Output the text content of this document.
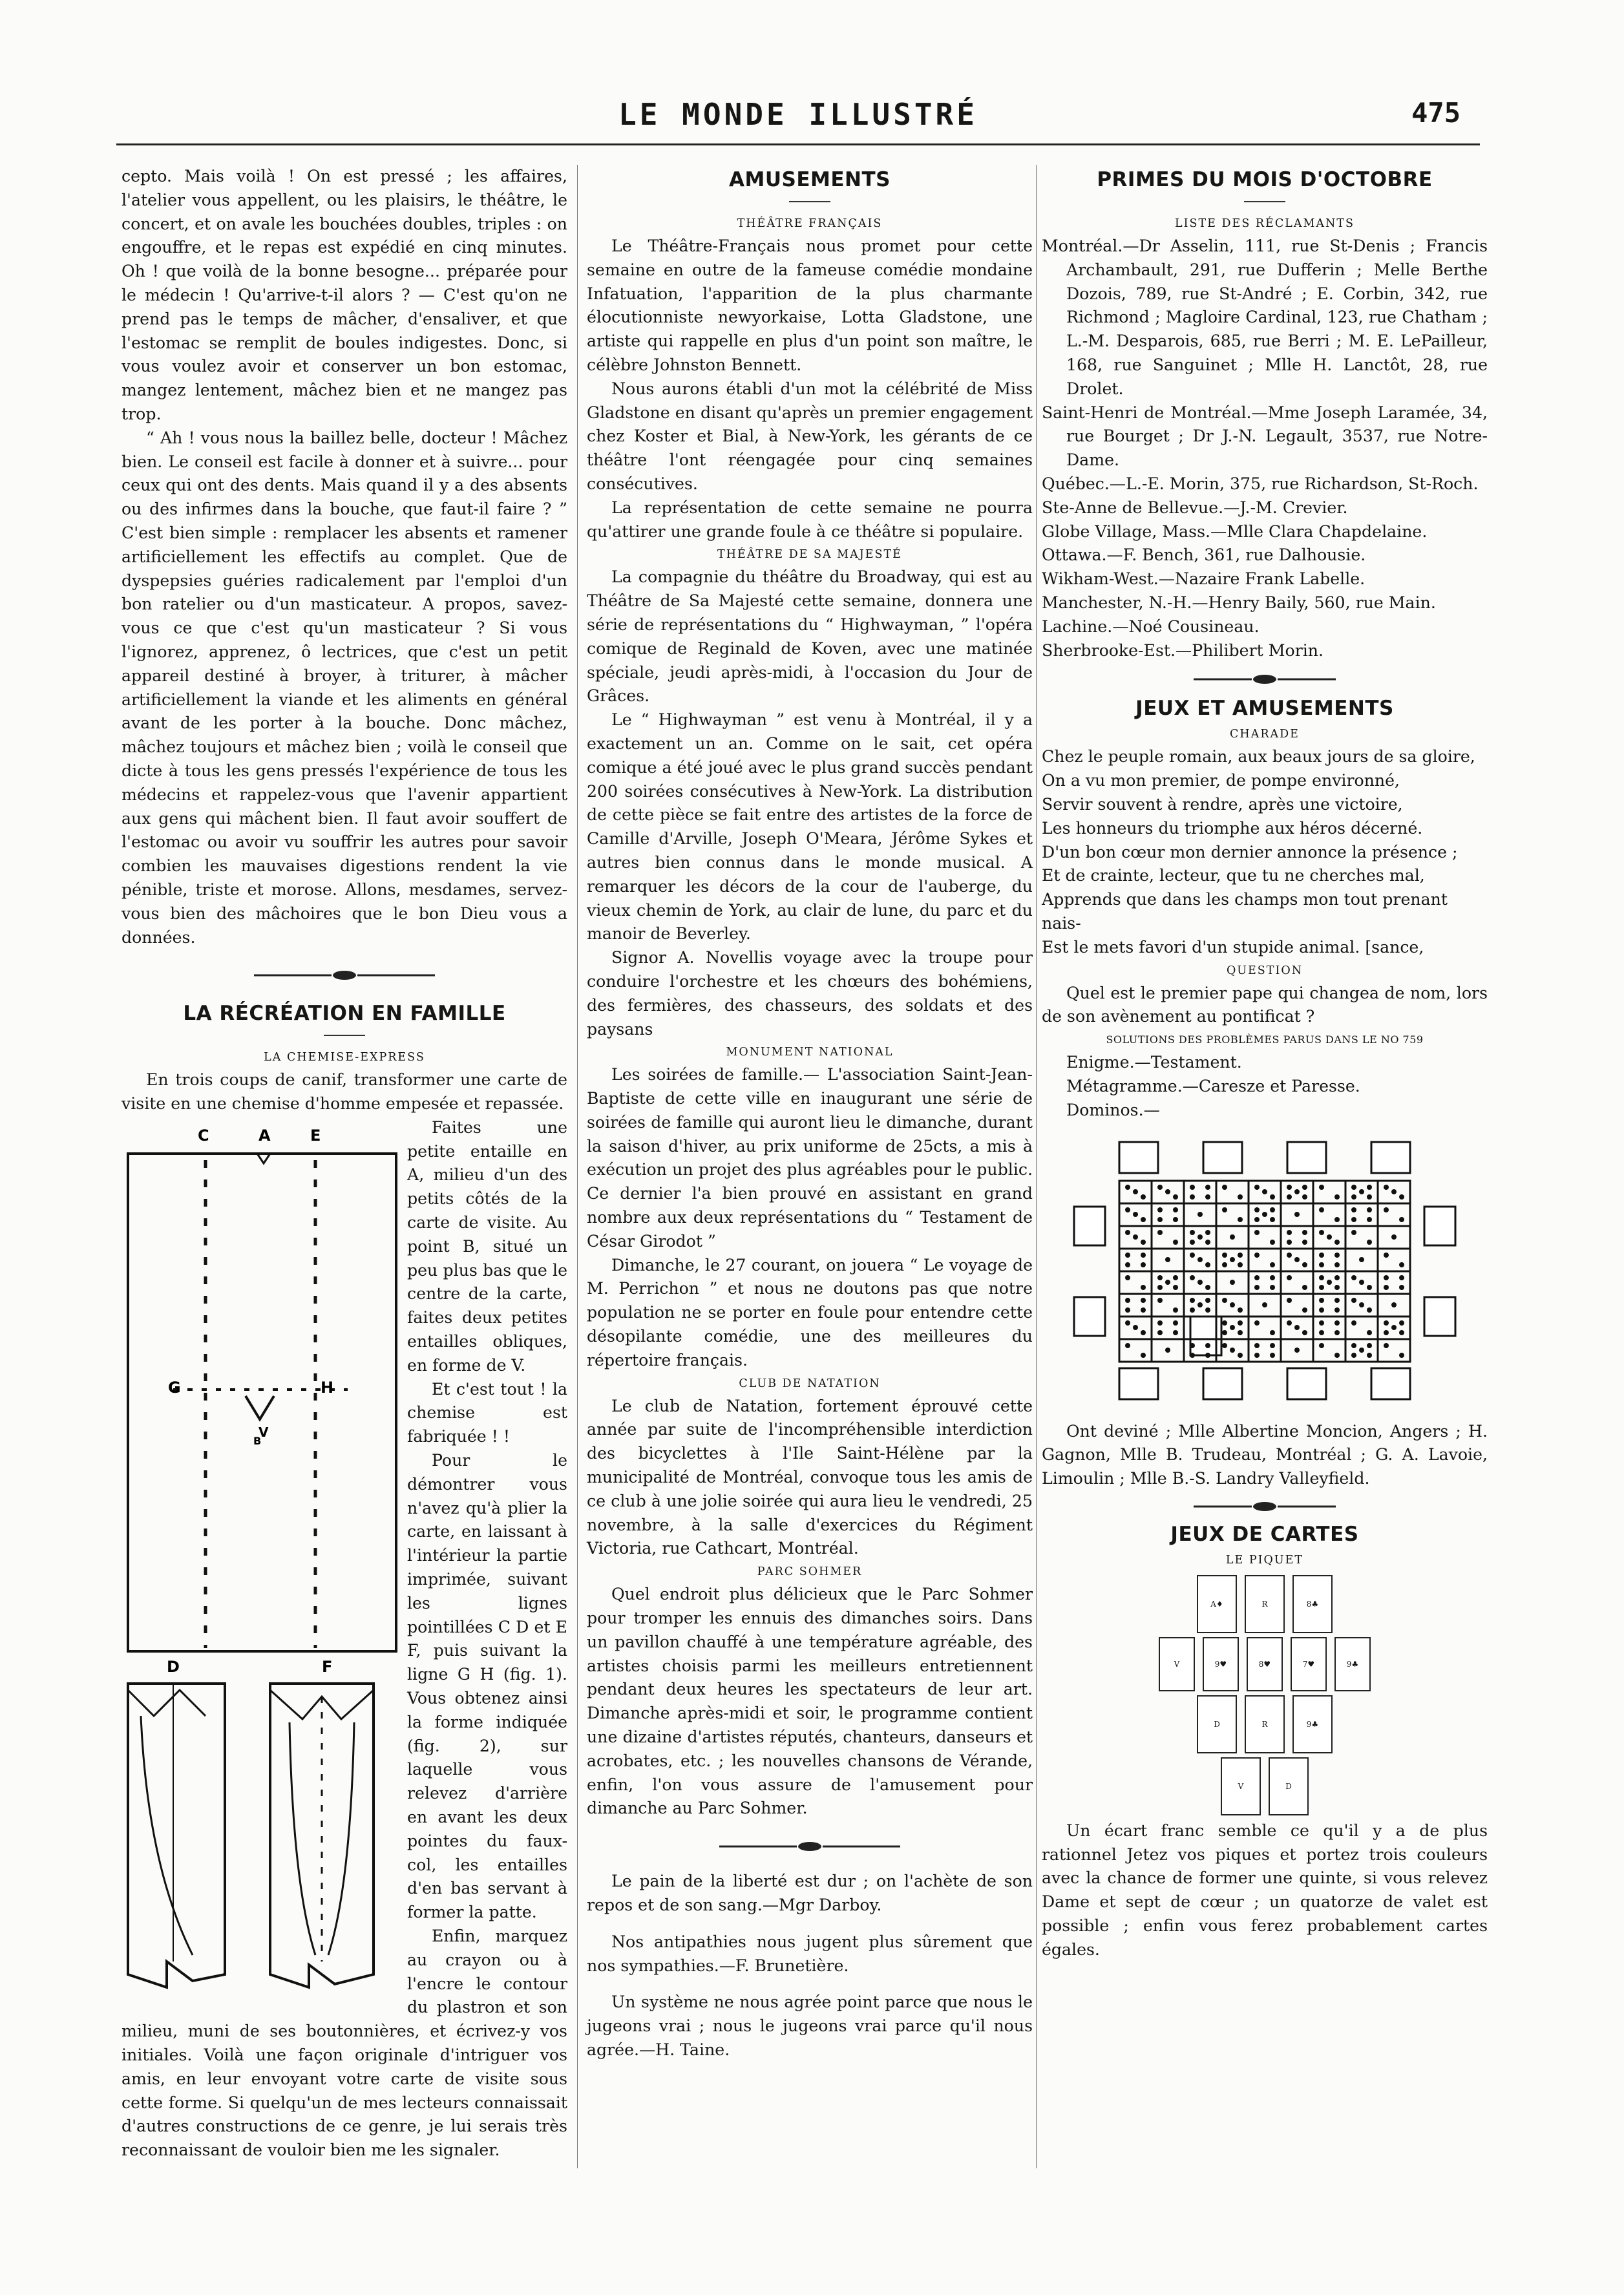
LE MONDE ILLUSTRÉ	475

cepto. Mais voilà ! On est pressé ; les affaires, l'atelier vous appellent, ou les plaisirs, le théâtre, le concert, et on avale les bouchées doubles, triples : on engouffre, et le repas est expédié en cinq minutes. Oh ! que voilà de la bonne besogne... préparée pour le médecin ! Qu'arrive-t-il alors ? — C'est qu'on ne prend pas le temps de mâcher, d'ensaliver, et que l'estomac se remplit de boules indigestes. Donc, si vous voulez avoir et conserver un bon estomac, mangez lentement, mâchez bien et ne mangez pas trop.

“ Ah ! vous nous la baillez belle, docteur ! Mâchez bien. Le conseil est facile à donner et à suivre... pour ceux qui ont des dents. Mais quand il y a des absents ou des infirmes dans la bouche, que faut-il faire ? ” C'est bien simple : remplacer les absents et ramener artificiellement les effectifs au complet. Que de dyspepsies guéries radicalement par l'emploi d'un bon ratelier ou d'un masticateur. A propos, savez-vous ce que c'est qu'un masticateur ? Si vous l'ignorez, apprenez, ô lectrices, que c'est un petit appareil destiné à broyer, à triturer, à mâcher artificiellement la viande et les aliments en général avant de les porter à la bouche. Donc mâchez, mâchez toujours et mâchez bien ; voilà le conseil que dicte à tous les gens pressés l'expérience de tous les médecins et rappelez-vous que l'avenir appartient aux gens qui mâchent bien. Il faut avoir souffert de l'estomac ou avoir vu souffrir les autres pour savoir combien les mauvaises digestions rendent la vie pénible, triste et morose. Allons, mesdames, servez-vous bien des mâchoires que le bon Dieu vous a données.

LA RÉCRÉATION EN FAMILLE
LA CHEMISE-EXPRESS

En trois coups de canif, transformer une carte de visite en une chemise d'homme empesée et repassée.

C	A	E
G	H
V
B
D	F

Faites une petite entaille en A, milieu d'un des petits côtés de la carte de visite. Au point B, situé un peu plus bas que le centre de la carte, faites deux petites entailles obliques, en forme de V.

Et c'est tout ! la chemise est fabriquée ! !

Pour le démontrer vous n'avez qu'à plier la carte, en laissant à l'intérieur la partie imprimée, suivant les lignes pointillées C D et E F, puis suivant la ligne G H (fig. 1). Vous obtenez ainsi la forme indiquée (fig. 2), sur laquelle vous relevez d'arrière en avant les deux pointes du faux-col, les entailles d'en bas servant à former la patte.

Enfin, marquez au crayon ou à l'encre le contour du plastron et son milieu, muni de ses boutonnières, et écrivez-y vos initiales. Voilà une façon originale d'intriguer vos amis, en leur envoyant votre carte de visite sous cette forme. Si quelqu'un de mes lecteurs connaissait d'autres constructions de ce genre, je lui serais très reconnaissant de vouloir bien me les signaler.

AMUSEMENTS
THÉÂTRE FRANÇAIS

Le Théâtre-Français nous promet pour cette semaine en outre de la fameuse comédie mondaine Infatuation, l'apparition de la plus charmante élocutionniste newyorkaise, Lotta Gladstone, une artiste qui rappelle en plus d'un point son maître, le célèbre Johnston Bennett.

Nous aurons établi d'un mot la célébrité de Miss Gladstone en disant qu'après un premier engagement chez Koster et Bial, à New-York, les gérants de ce théâtre l'ont réengagée pour cinq semaines consécutives.

La représentation de cette semaine ne pourra qu'attirer une grande foule à ce théâtre si populaire.

THÉÂTRE DE SA MAJESTÉ

La compagnie du théâtre du Broadway, qui est au Théâtre de Sa Majesté cette semaine, donnera une série de représentations du “ Highwayman, ” l'opéra comique de Reginald de Koven, avec une matinée spéciale, jeudi après-midi, à l'occasion du Jour de Grâces.

Le “ Highwayman ” est venu à Montréal, il y a exactement un an. Comme on le sait, cet opéra comique a été joué avec le plus grand succès pendant 200 soirées consécutives à New-York. La distribution de cette pièce se fait entre des artistes de la force de Camille d'Arville, Joseph O'Meara, Jérôme Sykes et autres bien connus dans le monde musical. A remarquer les décors de la cour de l'auberge, du vieux chemin de York, au clair de lune, du parc et du manoir de Beverley.

Signor A. Novellis voyage avec la troupe pour conduire l'orchestre et les chœurs des bohémiens, des fermières, des chasseurs, des soldats et des paysans

MONUMENT NATIONAL

Les soirées de famille.— L'association Saint-Jean-Baptiste de cette ville en inaugurant une série de soirées de famille qui auront lieu le dimanche, durant la saison d'hiver, au prix uniforme de 25cts, a mis à exécution un projet des plus agréables pour le public. Ce dernier l'a bien prouvé en assistant en grand nombre aux deux représentations du “ Testament de César Girodot ”

Dimanche, le 27 courant, on jouera “ Le voyage de M. Perrichon ” et nous ne doutons pas que notre population ne se porter en foule pour entendre cette désopilante comédie, une des meilleures du répertoire français.

CLUB DE NATATION

Le club de Natation, fortement éprouvé cette année par suite de l'incompréhensible interdiction des bicyclettes à l'Ile Saint-Hélène par la municipalité de Montréal, convoque tous les amis de ce club à une jolie soirée qui aura lieu le vendredi, 25 novembre, à la salle d'exercices du Régiment Victoria, rue Cathcart, Montréal.

PARC SOHMER

Quel endroit plus délicieux que le Parc Sohmer pour tromper les ennuis des dimanches soirs. Dans un pavillon chauffé à une température agréable, des artistes choisis parmi les meilleurs entretiennent pendant deux heures les spectateurs de leur art. Dimanche après-midi et soir, le programme contient une dizaine d'artistes réputés, chanteurs, danseurs et acrobates, etc. ; les nouvelles chansons de Vérande, enfin, l'on vous assure de l'amusement pour dimanche au Parc Sohmer.

Le pain de la liberté est dur ; on l'achète de son repos et de son sang.—Mgr Darboy.

Nos antipathies nous jugent plus sûrement que nos sympathies.—F. Brunetière.

Un système ne nous agrée point parce que nous le jugeons vrai ; nous le jugeons vrai parce qu'il nous agrée.—H. Taine.

PRIMES DU MOIS D'OCTOBRE
LISTE DES RÉCLAMANTS

Montréal.—Dr Asselin, 111, rue St-Denis ; Francis Archambault, 291, rue Dufferin ; Melle Berthe Dozois, 789, rue St-André ; E. Corbin, 342, rue Richmond ; Magloire Cardinal, 123, rue Chatham ; L.-M. Desparois, 685, rue Berri ; M. E. LePailleur, 168, rue Sanguinet ; Mlle H. Lanctôt, 28, rue Drolet.

Saint-Henri de Montréal.—Mme Joseph Laramée, 34, rue Bourget ; Dr J.-N. Legault, 3537, rue Notre-Dame.

Québec.—L.-E. Morin, 375, rue Richardson, St-Roch.

Ste-Anne de Bellevue.—J.-M. Crevier.

Globe Village, Mass.—Mlle Clara Chapdelaine.

Ottawa.—F. Bench, 361, rue Dalhousie.

Wikham-West.—Nazaire Frank Labelle.

Manchester, N.-H.—Henry Baily, 560, rue Main.

Lachine.—Noé Cousineau.

Sherbrooke-Est.—Philibert Morin.

JEUX ET AMUSEMENTS
CHARADE
Chez le peuple romain, aux beaux jours de sa gloire,
On a vu mon premier, de pompe environné,
Servir souvent à rendre, après une victoire,
Les honneurs du triomphe aux héros décerné.
D'un bon cœur mon dernier annonce la présence ;
Et de crainte, lecteur, que tu ne cherches mal,
Apprends que dans les champs mon tout prenant nais-
Est le mets favori d'un stupide animal. [sance,
QUESTION

Quel est le premier pape qui changea de nom, lors de son avènement au pontificat ?

SOLUTIONS DES PROBLÈMES PARUS DANS LE NO 759

Enigme.—Testament.

Métagramme.—Caresze et Paresse.

Dominos.—

Ont deviné ; Mlle Albertine Moncion, Angers ; H. Gagnon, Mlle B. Trudeau, Montréal ; G. A. Lavoie, Limoulin ; Mlle B.-S. Landry Valleyfield.

JEUX DE CARTES
LE PIQUET
A♦	R	8♣
V	9♥	8♥	7♥	9♣
D	R	9♣
V	D

Un écart franc semble ce qu'il y a de plus rationnel Jetez vos piques et portez trois couleurs avec la chance de former une quinte, si vous relevez Dame et sept de cœur ; un quatorze de valet est possible ; enfin vous ferez probablement cartes égales.
